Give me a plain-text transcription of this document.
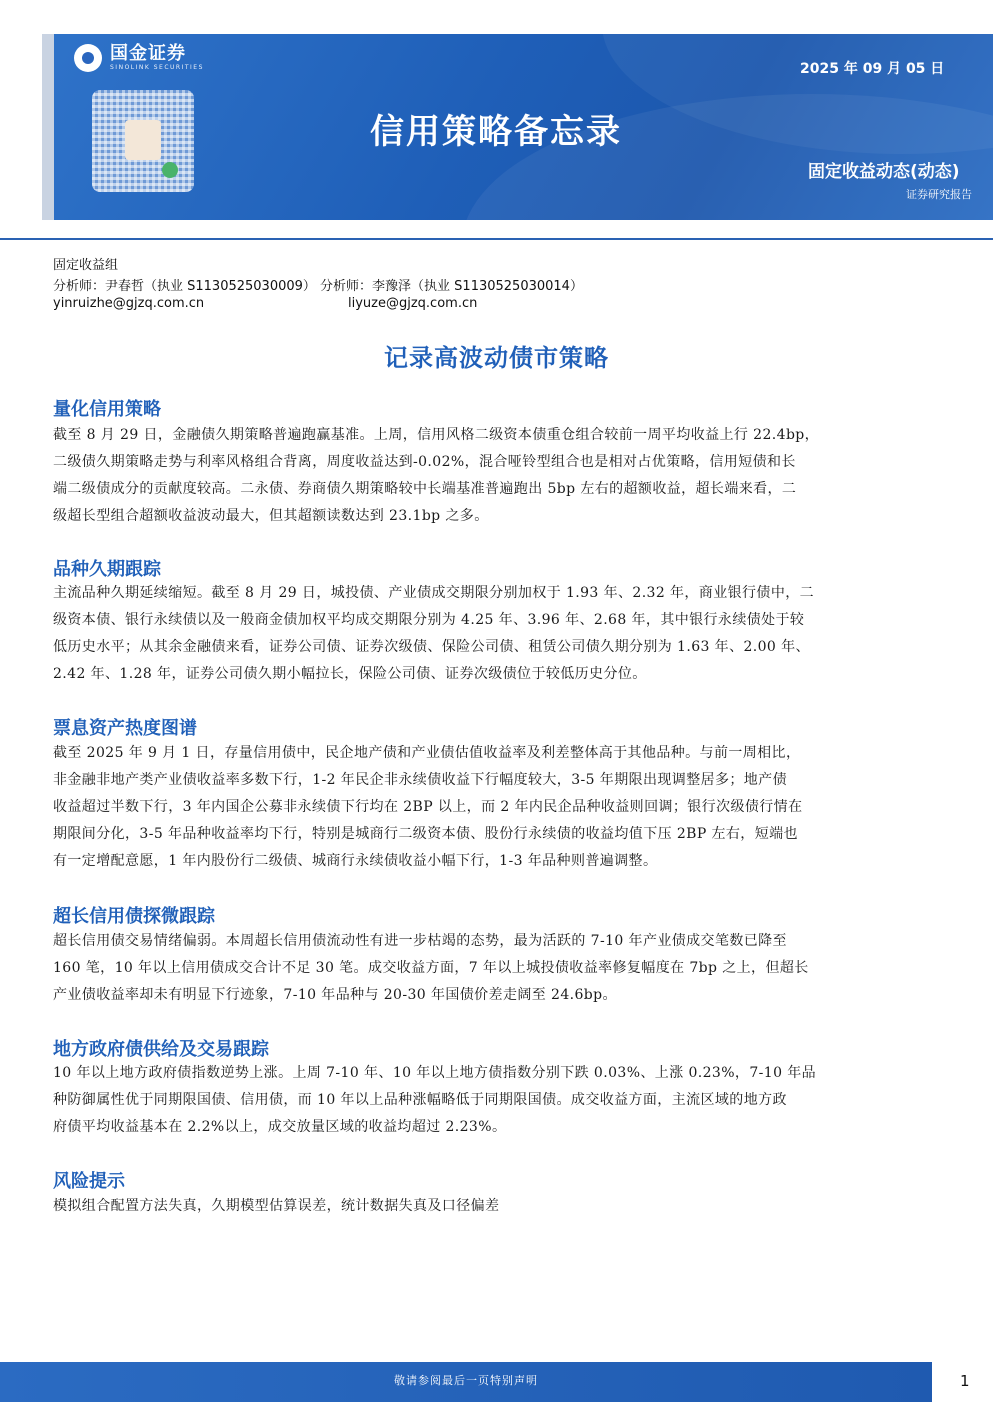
国金证券
SINOLINK SECURITIES	2025 年 09 月 05 日
信用策略备忘录
固定收益动态(动态)
证券研究报告
固定收益组
分析师：尹春哲（执业 S1130525030009） 分析师：李豫泽（执业 S1130525030014）
yinruizhe@gjzq.com.cn	liyuze@gjzq.com.cn
记录高波动债市策略
量化信用策略
截至 8 月 29 日，金融债久期策略普遍跑赢基准。上周，信用风格二级资本债重仓组合较前一周平均收益上行 22.4bp，
二级债久期策略走势与利率风格组合背离，周度收益达到-0.02%，混合哑铃型组合也是相对占优策略，信用短债和长
端二级债成分的贡献度较高。二永债、券商债久期策略较中长端基准普遍跑出 5bp 左右的超额收益，超长端来看，二
级超长型组合超额收益波动最大，但其超额读数达到 23.1bp 之多。
品种久期跟踪
主流品种久期延续缩短。截至 8 月 29 日，城投债、产业债成交期限分别加权于 1.93 年、2.32 年，商业银行债中，二
级资本债、银行永续债以及一般商金债加权平均成交期限分别为 4.25 年、3.96 年、2.68 年，其中银行永续债处于较
低历史水平；从其余金融债来看，证券公司债、证券次级债、保险公司债、租赁公司债久期分别为 1.63 年、2.00 年、
2.42 年、1.28 年，证券公司债久期小幅拉长，保险公司债、证券次级债位于较低历史分位。
票息资产热度图谱
截至 2025 年 9 月 1 日，存量信用债中，民企地产债和产业债估值收益率及利差整体高于其他品种。与前一周相比，
非金融非地产类产业债收益率多数下行，1-2 年民企非永续债收益下行幅度较大，3-5 年期限出现调整居多；地产债
收益超过半数下行，3 年内国企公募非永续债下行均在 2BP 以上，而 2 年内民企品种收益则回调；银行次级债行情在
期限间分化，3-5 年品种收益率均下行，特别是城商行二级资本债、股份行永续债的收益均值下压 2BP 左右，短端也
有一定增配意愿，1 年内股份行二级债、城商行永续债收益小幅下行，1-3 年品种则普遍调整。
超长信用债探微跟踪
超长信用债交易情绪偏弱。本周超长信用债流动性有进一步枯竭的态势，最为活跃的 7-10 年产业债成交笔数已降至
160 笔，10 年以上信用债成交合计不足 30 笔。成交收益方面，7 年以上城投债收益率修复幅度在 7bp 之上，但超长
产业债收益率却未有明显下行迹象，7-10 年品种与 20-30 年国债价差走阔至 24.6bp。
地方政府债供给及交易跟踪
10 年以上地方政府债指数逆势上涨。上周 7-10 年、10 年以上地方债指数分别下跌 0.03%、上涨 0.23%，7-10 年品
种防御属性优于同期限国债、信用债，而 10 年以上品种涨幅略低于同期限国债。成交收益方面，主流区域的地方政
府债平均收益基本在 2.2%以上，成交放量区域的收益均超过 2.23%。
风险提示
模拟组合配置方法失真，久期模型估算误差，统计数据失真及口径偏差
敬请参阅最后一页特别声明	1
